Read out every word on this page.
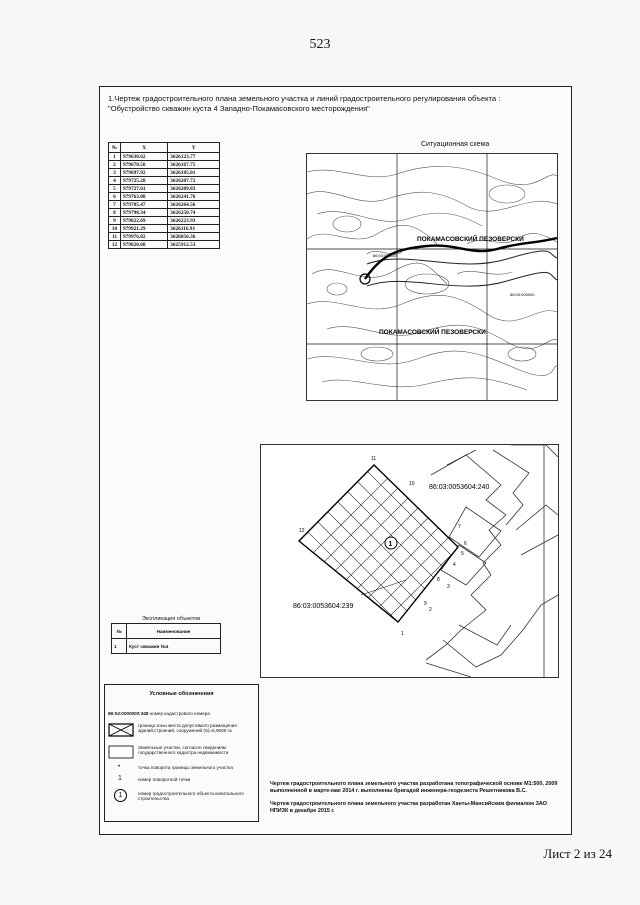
523
1.Чертеж градостроительного плана земельного участка и линий градостроительного регулирования объекта : "Обустройство скважин куста 4 Западно-Покамасовского месторождения"
№	X	Y
1	979630.62	3626123.77
2	979678.50	3626167.75
3	979697.92	3626185.01
4	979725.28	3626207.72
5	979727.61	3626209.83
6	979763.08	3626241.76
7	979785.47	3626264.56
8	979798.34	3626250.74
9	979822.69	3626223.93
10	979921.29	3626116.91
11	979976.82	3626056.36
12	979820.68	3625912.53
Ситуационная схема
ПОКАМАСОВСКИЙ ПЕЗОВЕРСКИ
ПОКАМАСОВСКИЙ ПЕЗОВЕРСКИ
86:03:000004
86:03:000000
1
86:03:0053604:240
86:03:0053604:239
1
2
3
4
5
6
7
8
9
10
11
12
Экспликация объектов
№	Наименование
1	Куст скважин №4
Условные обозначения
86:04:0000000:348 номер кадастрового номера
граница зоны места допустимого размещения зданий,строений, сооружений (S)=5,9606 га
Земельные участки, согласно сведениям государственного кадастра недвижимости
•	точка поворота границы земельного участка
1	номер поворотной точки
1	номер градостроительного объекта капитального строительства

Чертеж градостроительного плана земельного участка разработана топографической основе М1:500, 2009 выполненной в марте-мае 2014 г. выполнены бригадой инженера-геодезиста Решетникова В.С.

Чертеж градостроительного плана земельного участка разработан Ханты-Мансийским филиалом ЗАО НПИЗК в декабре 2015 г.

Лист 2 из 24
